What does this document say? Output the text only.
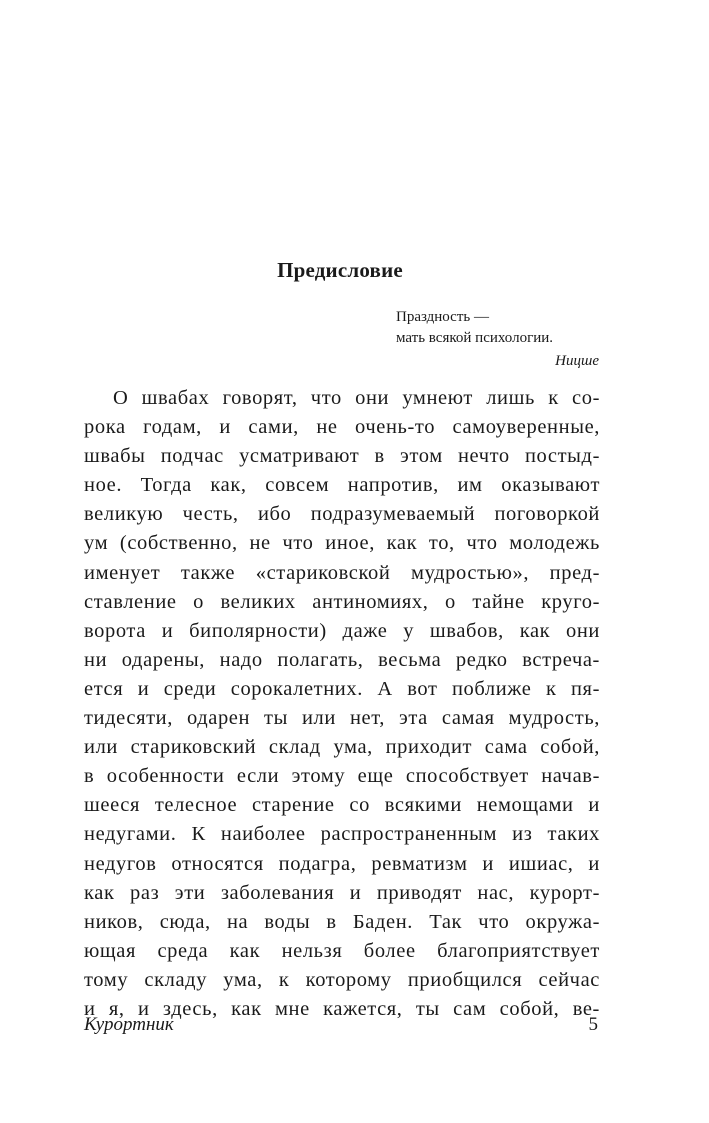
Предисловие
Праздность —
мать всякой психологии.
Ницше
О швабах говорят, что они умнеют лишь к со-
рока годам, и сами, не очень-то самоуверенные,
швабы подчас усматривают в этом нечто постыд-
ное. Тогда как, совсем напротив, им оказывают
великую честь, ибо подразумеваемый поговоркой
ум (собственно, не что иное, как то, что молодежь
именует также «стариковской мудростью», пред-
ставление о великих антиномиях, о тайне круго-
ворота и биполярности) даже у швабов, как они
ни одарены, надо полагать, весьма редко встреча-
ется и среди сорокалетних. А вот поближе к пя-
тидесяти, одарен ты или нет, эта самая мудрость,
или стариковский склад ума, приходит сама собой,
в особенности если этому еще способствует начав-
шееся телесное старение со всякими немощами и
недугами. К наиболее распространенным из таких
недугов относятся подагра, ревматизм и ишиас, и
как раз эти заболевания и приводят нас, курорт-
ников, сюда, на воды в Баден. Так что окружа-
ющая среда как нельзя более благоприятствует
тому складу ума, к которому приобщился сейчас
и я, и здесь, как мне кажется, ты сам собой, ве-
Курортник	5
